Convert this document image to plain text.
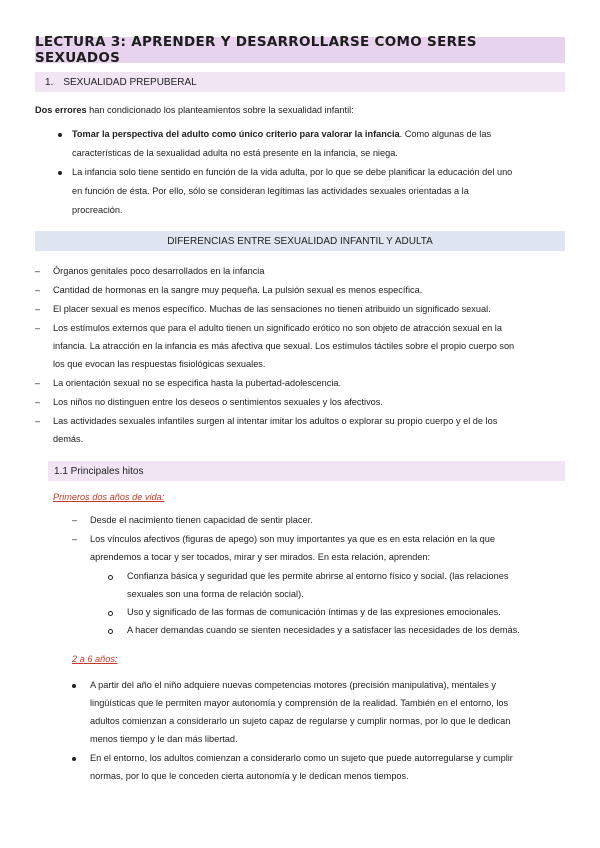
LECTURA 3: APRENDER Y DESARROLLARSE COMO SERES SEXUADOS
1. SEXUALIDAD PREPUBERAL
Dos errores han condicionado los planteamientos sobre la sexualidad infantil:
Tomar la perspectiva del adulto como único criterio para valorar la infancia. Como algunas de las
características de la sexualidad adulta no está presente en la infancia, se niega.
La infancia solo tiene sentido en función de la vida adulta, por lo que se debe planificar la educación del uno
en función de ésta. Por ello, sólo se consideran legítimas las actividades sexuales orientadas a la
procreación.
DIFERENCIAS ENTRE SEXUALIDAD INFANTIL Y ADULTA
– Órganos genitales poco desarrollados en la infancia
– Cantidad de hormonas en la sangre muy pequeña. La pulsión sexual es menos específica.
– El placer sexual es menos específico. Muchas de las sensaciones no tienen atribuido un significado sexual.
– Los estímulos externos que para el adulto tienen un significado erótico no son objeto de atracción sexual en la
infancia. La atracción en la infancia es más afectiva que sexual. Los estímulos táctiles sobre el propio cuerpo son
los que evocan las respuestas fisiológicas sexuales.
– La orientación sexual no se especifica hasta la pubertad-adolescencia.
– Los niños no distinguen entre los deseos o sentimientos sexuales y los afectivos.
– Las actividades sexuales infantiles surgen al intentar imitar los adultos o explorar su propio cuerpo y el de los
demás.
1.1 Principales hitos
Primeros dos años de vida:
– Desde el nacimiento tienen capacidad de sentir placer.
– Los vínculos afectivos (figuras de apego) son muy importantes ya que es en esta relación en la que
aprendemos a tocar y ser tocados, mirar y ser mirados. En esta relación, aprenden:
Confianza básica y seguridad que les permite abrirse al entorno físico y social. (las relaciones
sexuales son una forma de relación social).
Uso y significado de las formas de comunicación íntimas y de las expresiones emocionales.
A hacer demandas cuando se sienten necesidades y a satisfacer las necesidades de los demás.
2 a 6 años:
A partir del año el niño adquiere nuevas competencias motores (precisión manipulativa), mentales y
lingüísticas que le permiten mayor autonomía y comprensión de la realidad. También en el entorno, los
adultos comienzan a considerarlo un sujeto capaz de regularse y cumplir normas, por lo que le dedican
menos tiempo y le dan más libertad.
En el entorno, los adultos comienzan a considerarlo como un sujeto que puede autorregularse y cumplir
normas, por lo que le conceden cierta autonomía y le dedican menos tiempos.
